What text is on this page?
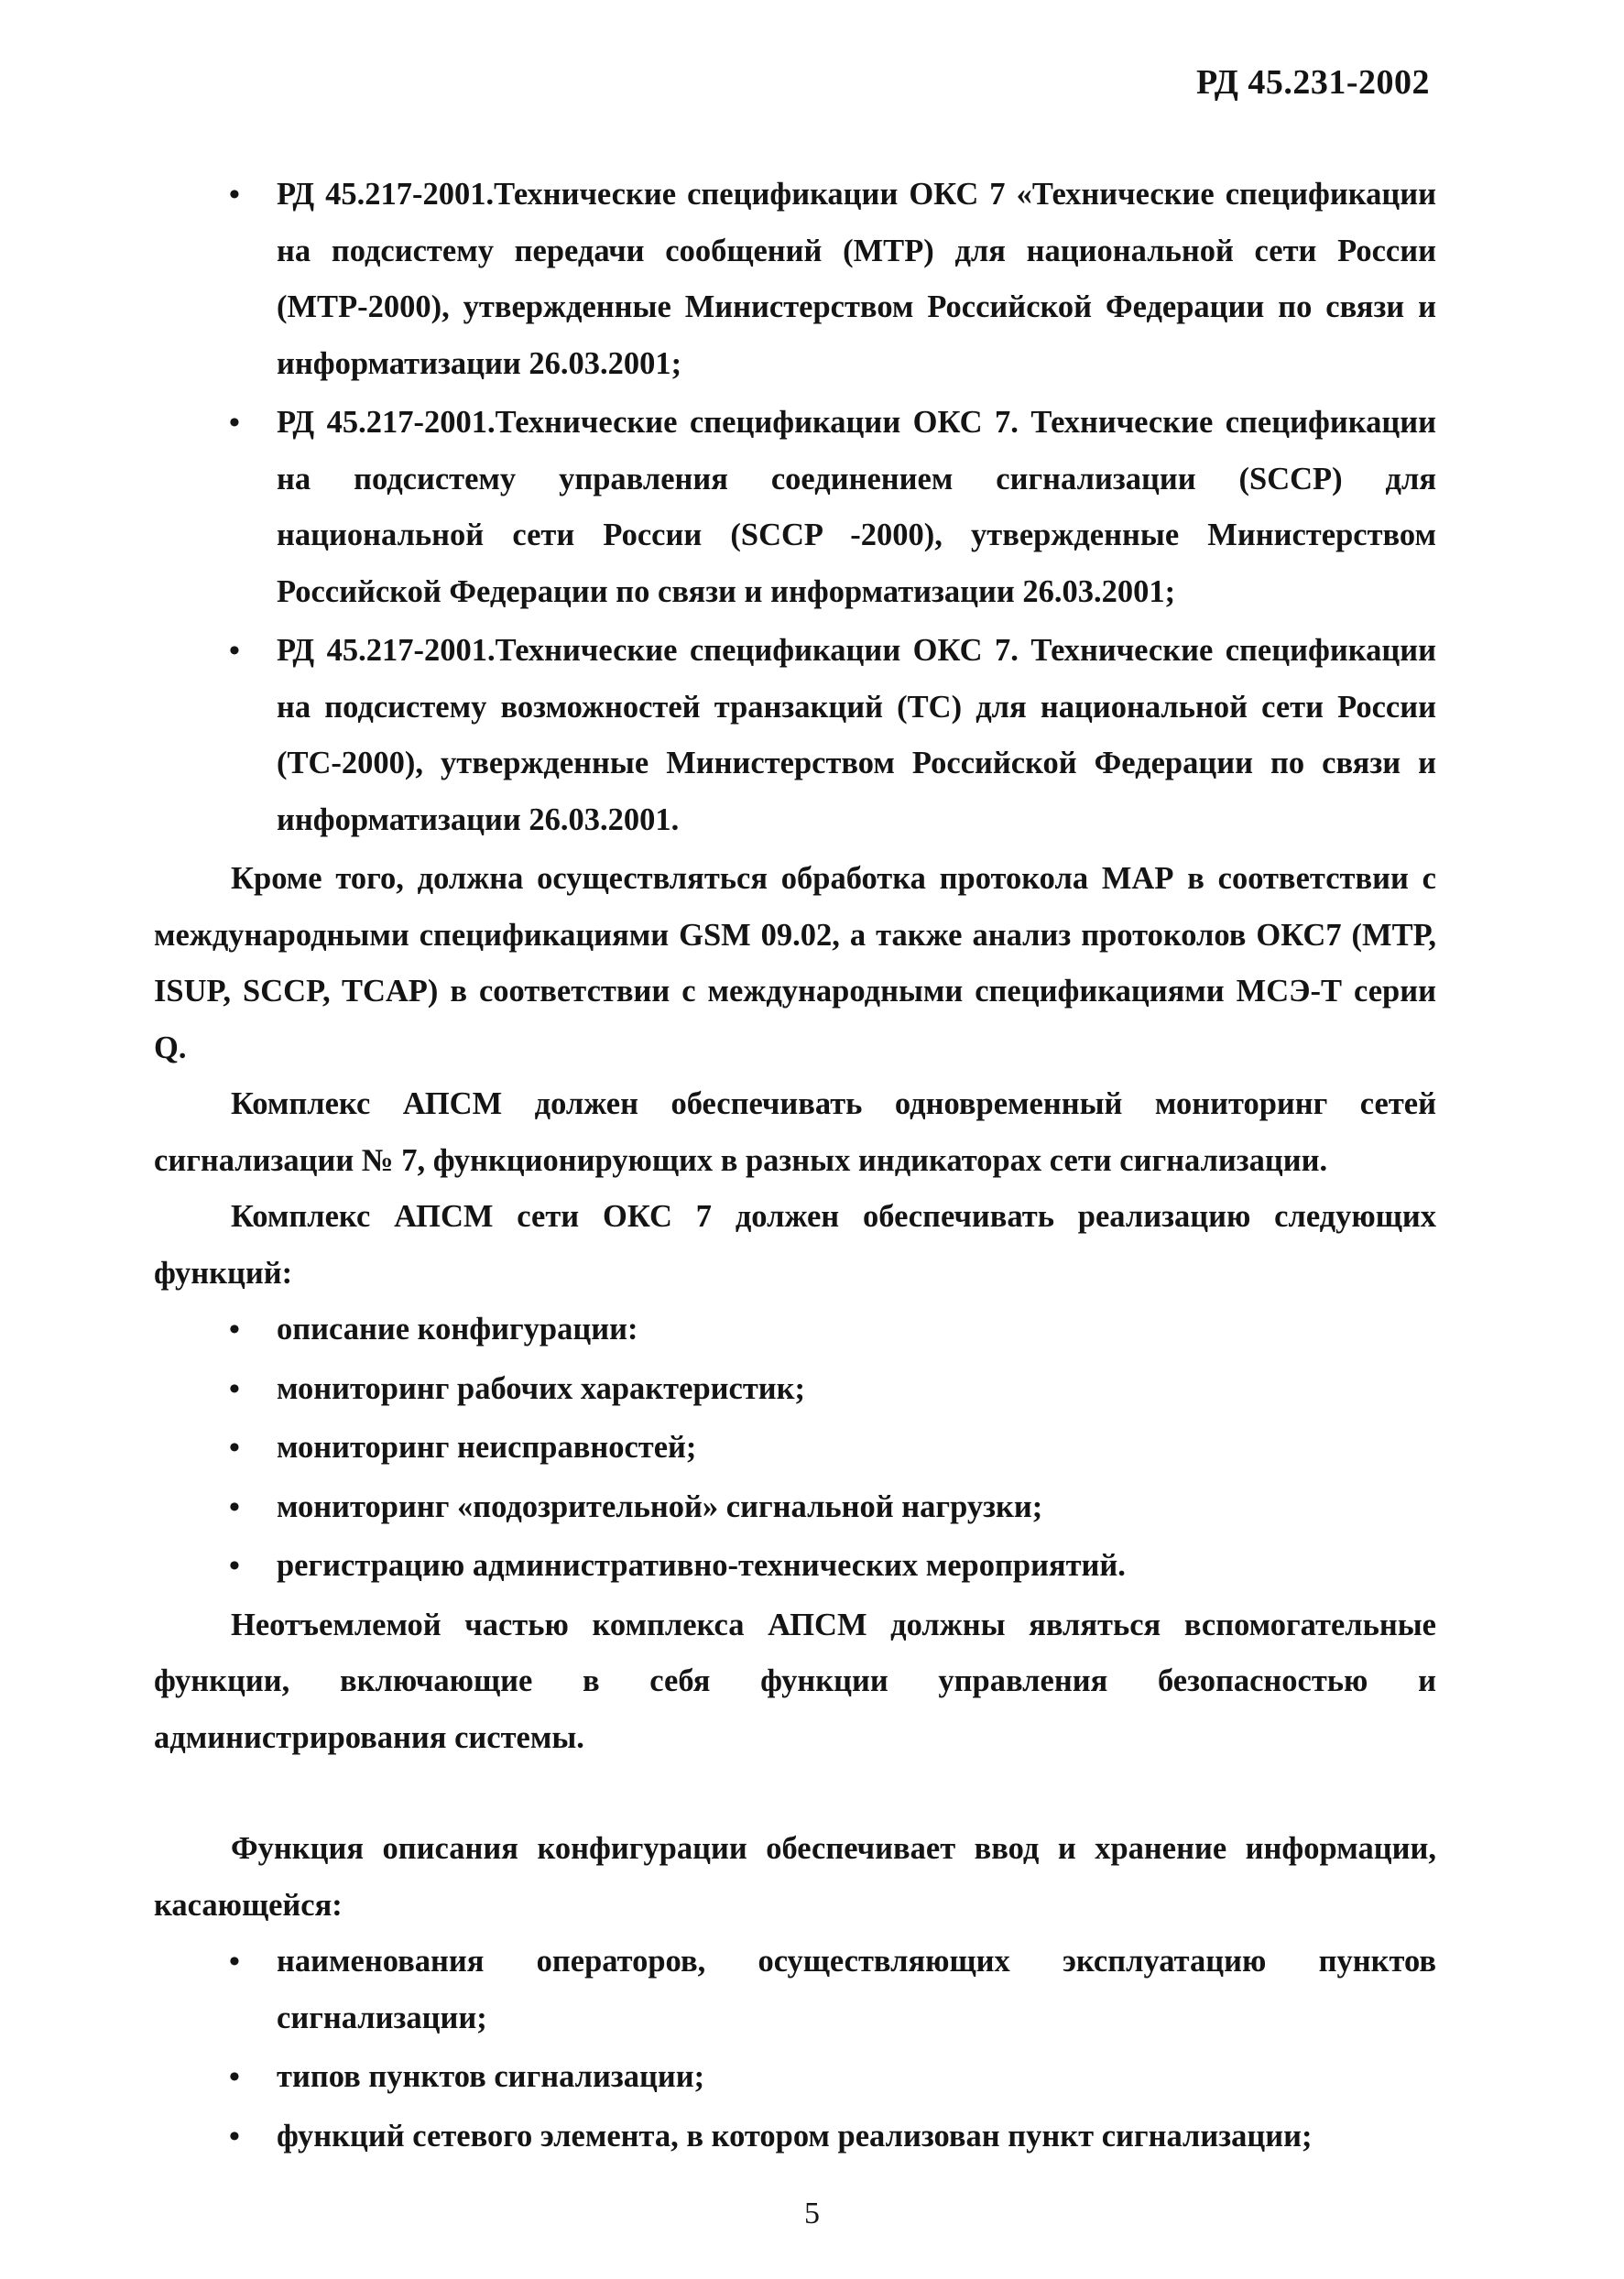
РД 45.231-2002
• РД 45.217-2001.Технические спецификации ОКС 7 «Технические спецификации на подсистему передачи сообщений (МТР) для национальной сети России (МТР-2000), утвержденные Министерством Российской Федерации по связи и информатизации 26.03.2001;
• РД 45.217-2001.Технические спецификации ОКС 7. Технические спецификации на подсистему управления соединением сигнализации (SCCP) для национальной сети России (SCCP -2000), утвержденные Министерством Российской Федерации по связи и информатизации 26.03.2001;
• РД 45.217-2001.Технические спецификации ОКС 7. Технические спецификации на подсистему возможностей транзакций (ТС) для национальной сети России (ТС-2000), утвержденные Министерством Российской Федерации по связи и информатизации 26.03.2001.

Кроме того, должна осуществляться обработка протокола МАР в соответствии с международными спецификациями GSM 09.02, а также анализ протоколов ОКС7 (МТР, ISUP, SCCP, TCAP) в соответствии с международными спецификациями МСЭ-Т серии Q.

Комплекс АПСМ должен обеспечивать одновременный мониторинг сетей сигнализации № 7, функционирующих в разных индикаторах сети сигнализации.

Комплекс АПСМ сети ОКС 7 должен обеспечивать реализацию следующих функций:

• описание конфигурации:
• мониторинг рабочих характеристик;
• мониторинг неисправностей;
• мониторинг «подозрительной» сигнальной нагрузки;
• регистрацию административно-технических мероприятий.

Неотъемлемой частью комплекса АПСМ должны являться вспомогательные функции, включающие в себя функции управления безопасностью и администрирования системы.

Функция описания конфигурации обеспечивает ввод и хранение информации, касающейся:

• наименования операторов, осуществляющих эксплуатацию пунктов сигнализации;
• типов пунктов сигнализации;
• функций сетевого элемента, в котором реализован пункт сигнализации;
5
